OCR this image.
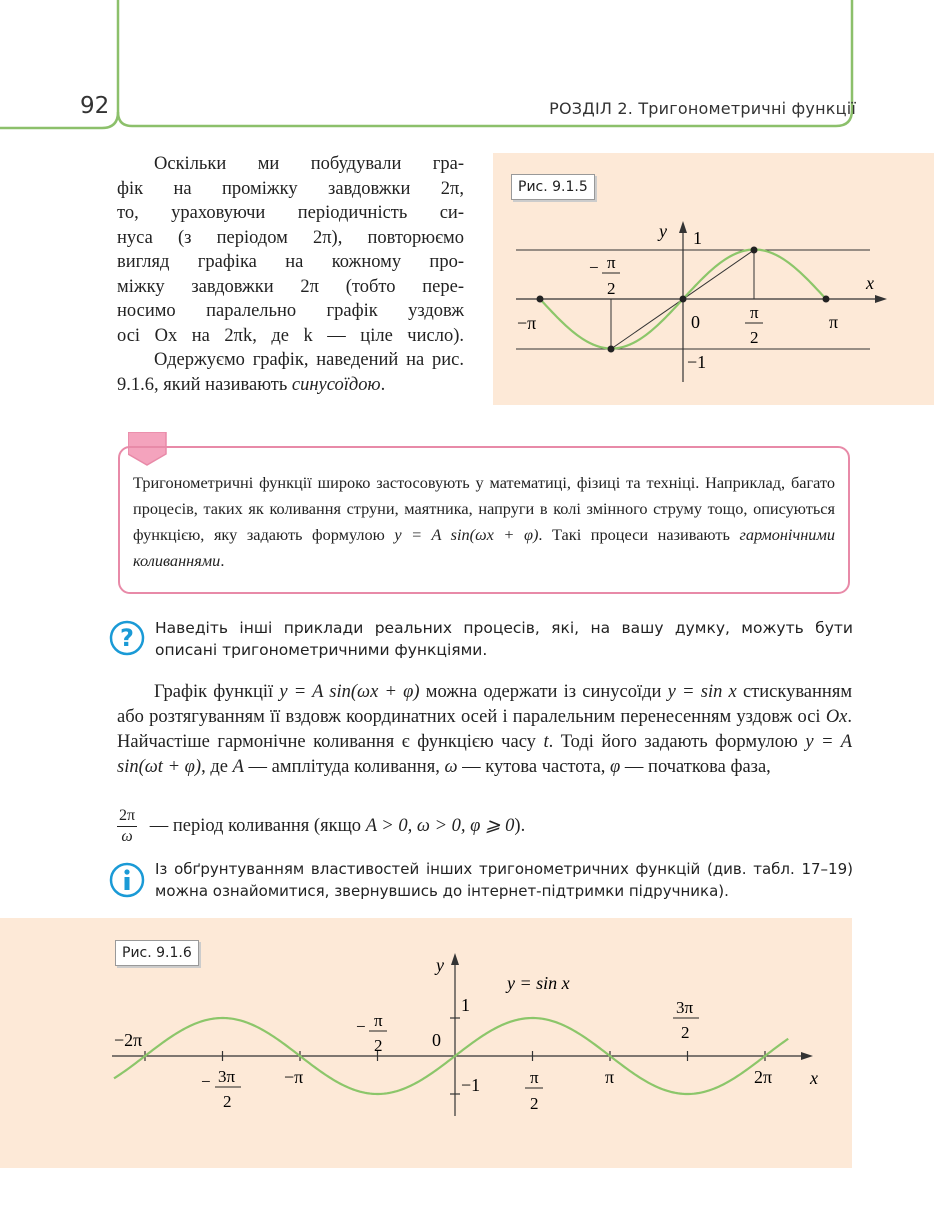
92	РОЗДІЛ 2. Тригонометричні функції
Оскільки ми побудували гра-
фік на проміжку завдовжки 2π,
то, ураховуючи періодичність си-
нуса (з періодом 2π), повторюємо
вигляд графіка на кожному про-
міжку завдовжки 2π (тобто пере-
носимо паралельно графік уздовж
осі Ox на 2πk, де k — ціле число).

Одержуємо графік, наведений на рис. 9.1.6, який називають синусоїдою.

Рис. 9.1.5
y
x
1
−1
−π	0	π
π
2
− π
2
Тригонометричні функції широко застосовують у математиці, фізиці та техніці. Наприклад, багато процесів, таких як коливання струни, маятника, напруги в колі змінного струму тощо, описуються функцією, яку задають формулою y = A sin(ωx + φ). Такі процеси називають гармонічними коливаннями.
? Наведіть інші приклади реальних процесів, які, на вашу думку, можуть бути описані тригонометричними функціями.

Графік функції y = A sin(ωx + φ) можна одержати із синусоїди y = sin x стискуванням або розтягуванням її вздовж координатних осей і паралельним перенесенням уздовж осі Ox. Найчастіше гармонічне коливання є функцією часу t. Тоді його задають формулою y = A sin(ωt + φ), де A — амплітуда коливання, ω — кутова частота, φ — початкова фаза,

$\frac{2\pi}{\omega}$ — період коливання (якщо A > 0, ω > 0, φ ⩾ 0).
Із обґрунтуванням властивостей інших тригонометричних функцій (див. табл. 17–19) можна ознайомитися, звернувшись до інтернет-підтримки підручника).
Рис. 9.1.6
y
x
y = sin x
1
−1
0
−2π
−π	π	2π
− 3π
2
− π
2
π
2
3π
2
